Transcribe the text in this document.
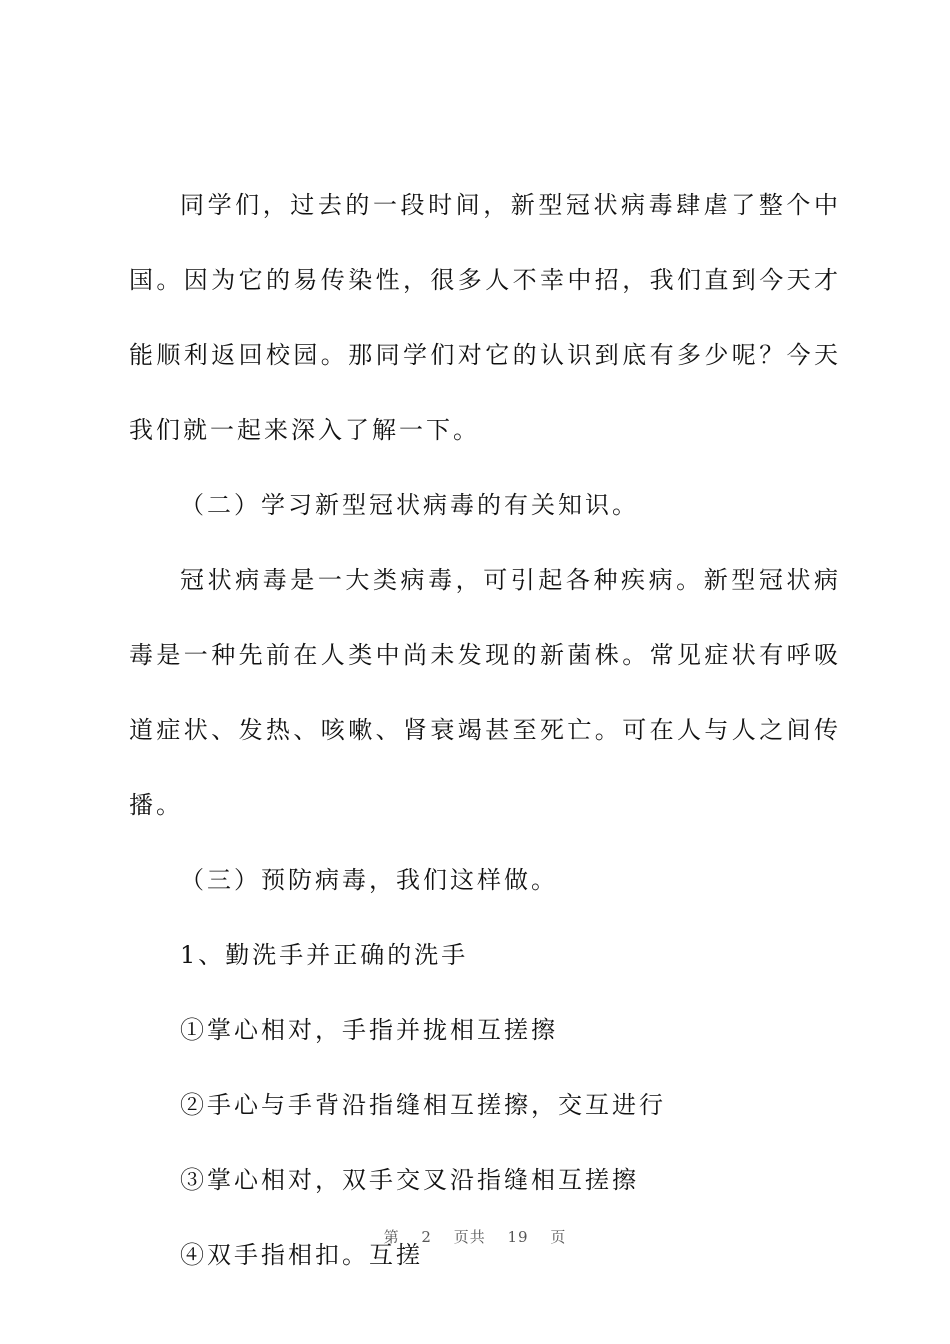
同学们，过去的一段时间，新型冠状病毒肆虐了整个中国。因为它的易传染性，很多人不幸中招，我们直到今天才能顺利返回校园。那同学们对它的认识到底有多少呢？今天我们就一起来深入了解一下。

（二）学习新型冠状病毒的有关知识。

冠状病毒是一大类病毒，可引起各种疾病。新型冠状病毒是一种先前在人类中尚未发现的新菌株。常见症状有呼吸道症状、发热、咳嗽、肾衰竭甚至死亡。可在人与人之间传播。

（三）预防病毒，我们这样做。

1、勤洗手并正确的洗手

①掌心相对，手指并拢相互搓擦

②手心与手背沿指缝相互搓擦，交互进行

③掌心相对，双手交叉沿指缝相互搓擦

④双手指相扣。互搓

第 2 页共 19 页
